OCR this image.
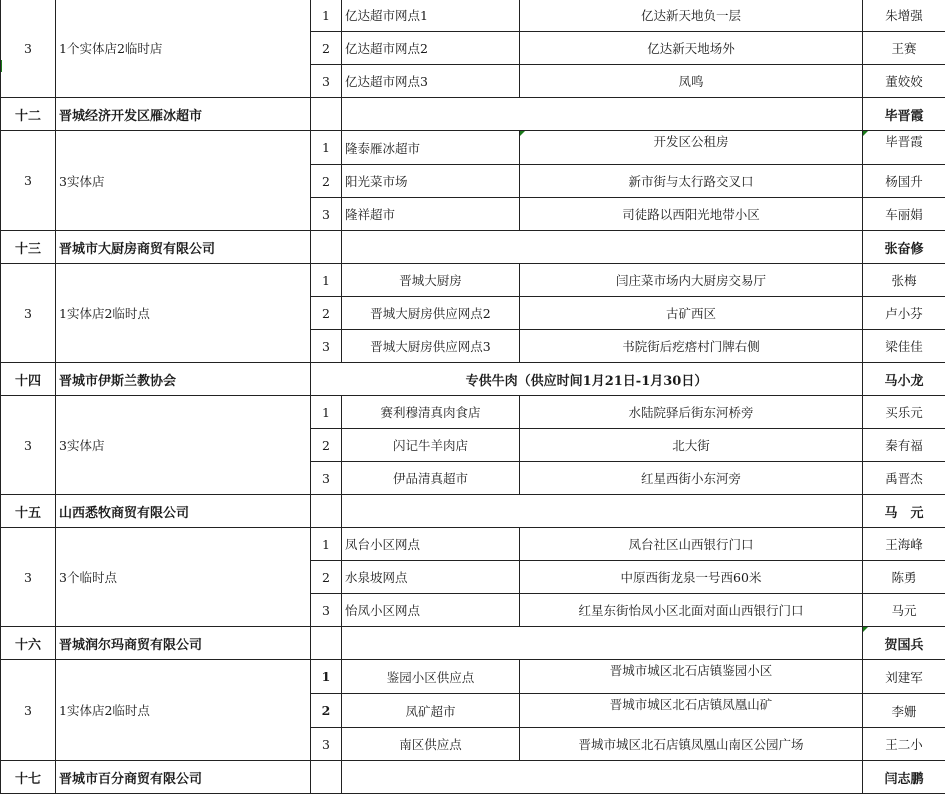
3	1个实体店2临时店	1	亿达超市网点1	亿达新天地负一层	朱增强
		2	亿达超市网点2	亿达新天地场外	王赛
		3	亿达超市网点3	凤鸣	董姣姣
十二	晋城经济开发区雁冰超市				毕晋霞
3	3实体店	1	隆泰雁冰超市	开发区公租房	毕晋霞
		2	阳光菜市场	新市街与太行路交叉口	杨国升
		3	隆祥超市	司徒路以西阳光地带小区	车丽娟
十三	晋城市大厨房商贸有限公司				张奋修
3	1实体店2临时点	1	晋城大厨房	闫庄菜市场内大厨房交易厅	张梅
		2	晋城大厨房供应网点2	古矿西区	卢小芬
		3	晋城大厨房供应网点3	书院街后疙瘩村门牌右侧	梁佳佳
十四	晋城市伊斯兰教协会	专供牛肉（供应时间1月21日-1月30日）			马小龙
3	3实体店	1	赛利穆清真肉食店	水陆院驿后街东河桥旁	买乐元
		2	闪记牛羊肉店	北大街	秦有福
		3	伊品清真超市	红星西街小东河旁	禹晋杰
十五	山西悉牧商贸有限公司				马　元
3	3个临时点	1	凤台小区网点	凤台社区山西银行门口	王海峰
		2	水泉坡网点	中原西街龙泉一号西60米	陈勇
		3	怡凤小区网点	红星东街怡凤小区北面对面山西银行门口	马元
十六	晋城润尔玛商贸有限公司				贺国兵
3	1实体店2临时点	1	鉴园小区供应点	晋城市城区北石店镇鉴园小区	刘建军
		2	凤矿超市	晋城市城区北石店镇凤凰山矿	李姗
		3	南区供应点	晋城市城区北石店镇凤凰山南区公园广场	王二小
十七	晋城市百分商贸有限公司				闫志鹏
